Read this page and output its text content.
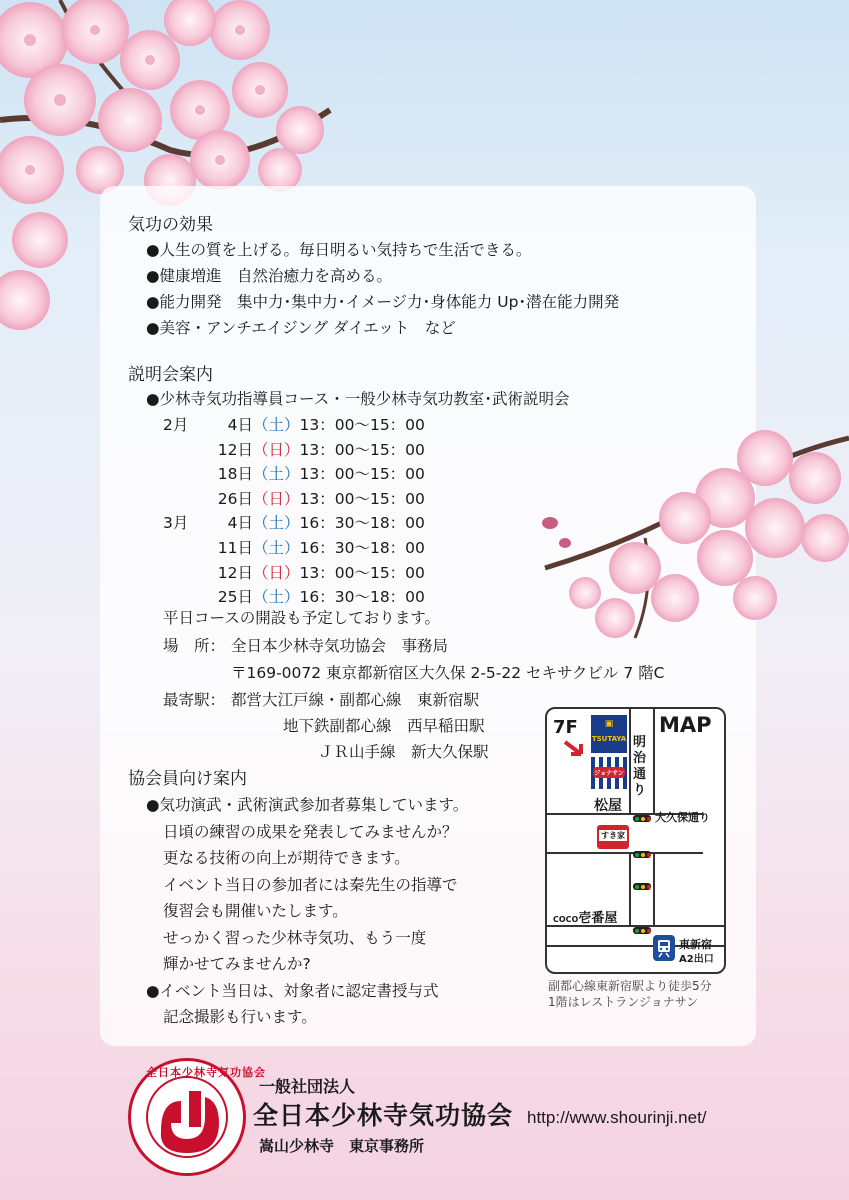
気功の効果
●人生の質を上げる。毎日明るい気持ちで生活できる。
●健康増進　自然治癒力を高める。
●能力開発　集中力･集中力･イメージ力･身体能力 Up･潜在能力開発
●美容・アンチエイジング ダイエット　など
説明会案内
●少林寺気功指導員コース・一般少林寺気功教室･武術説明会
2月	4日（土）13：00～15：00
12日（日）13：00～15：00
18日（土）13：00～15：00
26日（日）13：00～15：00
3月	4日（土）16：30～18：00
11日（土）16：30～18：00
12日（日）13：00～15：00
25日（土）16：30～18：00
平日コースの開設も予定しております。
場　所： 全日本少林寺気功協会　事務局
〒169-0072 東京都新宿区大久保 2-5-22 セキサクビル 7 階C
最寄駅： 都営大江戸線・副都心線　東新宿駅
地下鉄副都心線　西早稲田駅
ＪＲ山手線　新大久保駅
協会員向け案内
●気功演武・武術演武参加者募集しています。
日頃の練習の成果を発表してみませんか？
更なる技術の向上が期待できます。
イベント当日の参加者には秦先生の指導で
復習会も開催いたします。
せっかく習った少林寺気功、もう一度
輝かせてみませんか?
●イベント当日は、対象者に認定書授与式
記念撮影も行います。
MAP
7F	▣
TSUTAYA
ジョナサン
明治通り
松屋
大久保通り
すき家
COCO壱番屋
東新宿
A2出口
副都心線東新宿駅より徒歩5分
1階はレストランジョナサン
全日本少林寺気功協会
一般社団法人
全日本少林寺気功協会
嵩山少林寺　東京事務所
http://www.shourinji.net/
